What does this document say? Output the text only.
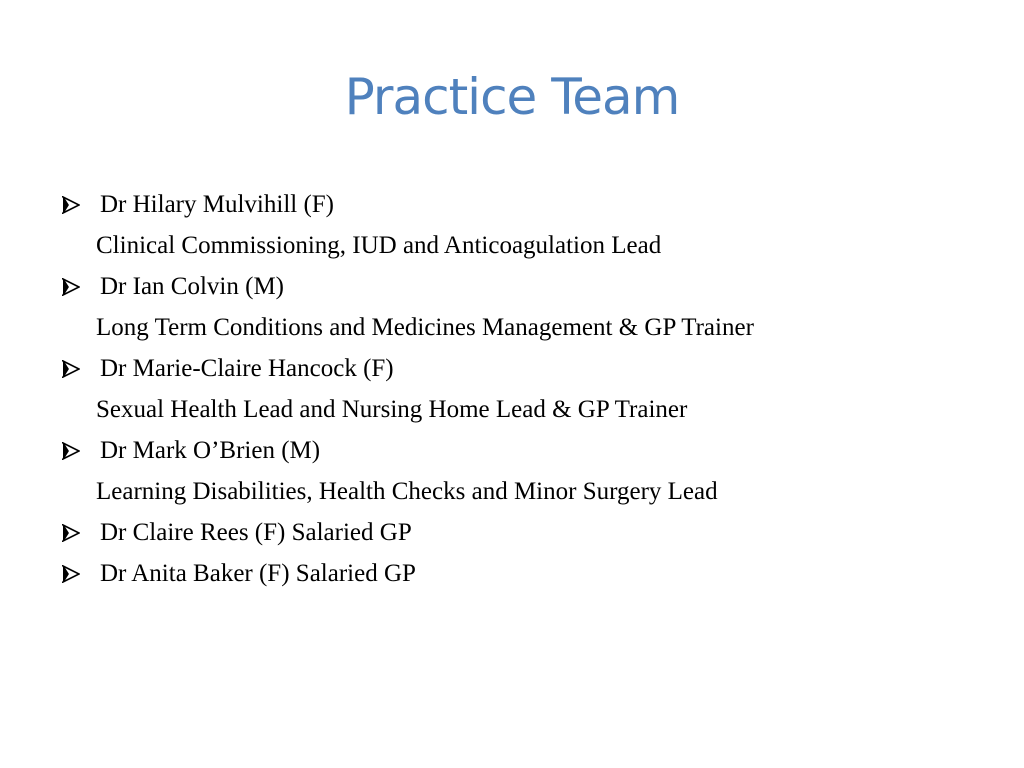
Practice Team
Dr Hilary Mulvihill (F)
Clinical Commissioning, IUD and Anticoagulation Lead
Dr Ian Colvin (M)
Long Term Conditions and Medicines Management & GP Trainer
Dr Marie-Claire Hancock (F)
Sexual Health Lead and Nursing Home Lead & GP Trainer
Dr Mark O’Brien (M)
Learning Disabilities, Health Checks and Minor Surgery Lead
Dr Claire Rees (F) Salaried GP
Dr Anita Baker (F) Salaried GP
